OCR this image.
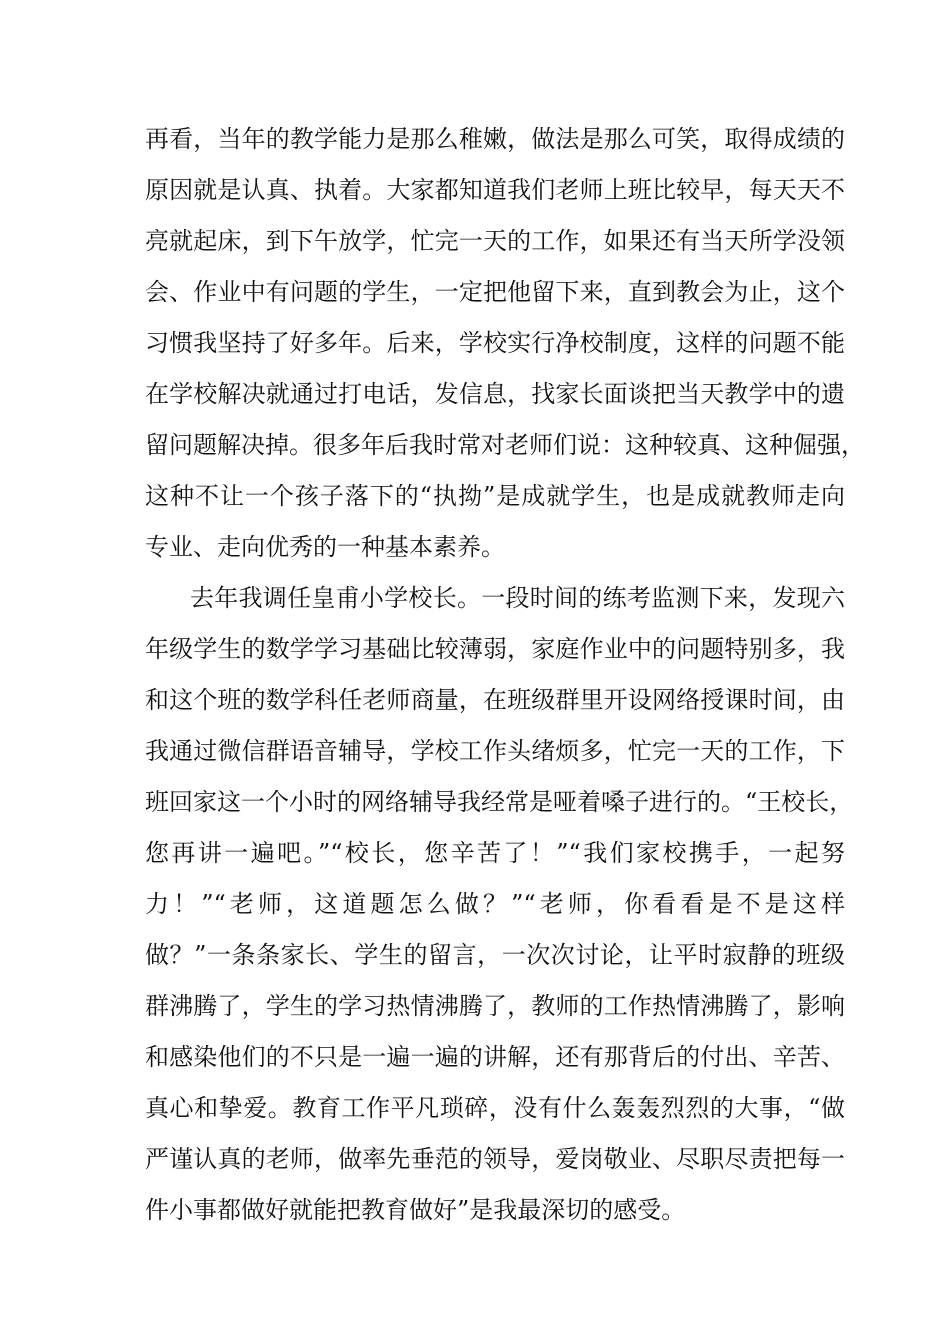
再看，当年的教学能力是那么稚嫩，做法是那么可笑，取得成绩的
原因就是认真、执着。大家都知道我们老师上班比较早，每天天不
亮就起床，到下午放学，忙完一天的工作，如果还有当天所学没领
会、作业中有问题的学生，一定把他留下来，直到教会为止，这个
习惯我坚持了好多年。后来，学校实行净校制度，这样的问题不能
在学校解决就通过打电话，发信息，找家长面谈把当天教学中的遗
留问题解决掉。很多年后我时常对老师们说：这种较真、这种倔强，
这种不让一个孩子落下的“执拗”是成就学生，也是成就教师走向
专业、走向优秀的一种基本素养。
去年我调任皇甫小学校长。一段时间的练考监测下来，发现六
年级学生的数学学习基础比较薄弱，家庭作业中的问题特别多，我
和这个班的数学科任老师商量，在班级群里开设网络授课时间，由
我通过微信群语音辅导，学校工作头绪烦多，忙完一天的工作，下
班回家这一个小时的网络辅导我经常是哑着嗓子进行的。“王校长，
您再讲一遍吧。”“校长，您辛苦了！”“我们家校携手，一起努
力！”“老师，这道题怎么做？”“老师，你看看是不是这样
做？”一条条家长、学生的留言，一次次讨论，让平时寂静的班级
群沸腾了，学生的学习热情沸腾了，教师的工作热情沸腾了，影响
和感染他们的不只是一遍一遍的讲解，还有那背后的付出、辛苦、
真心和挚爱。教育工作平凡琐碎，没有什么轰轰烈烈的大事，“做
严谨认真的老师，做率先垂范的领导，爱岗敬业、尽职尽责把每一
件小事都做好就能把教育做好”是我最深切的感受。
